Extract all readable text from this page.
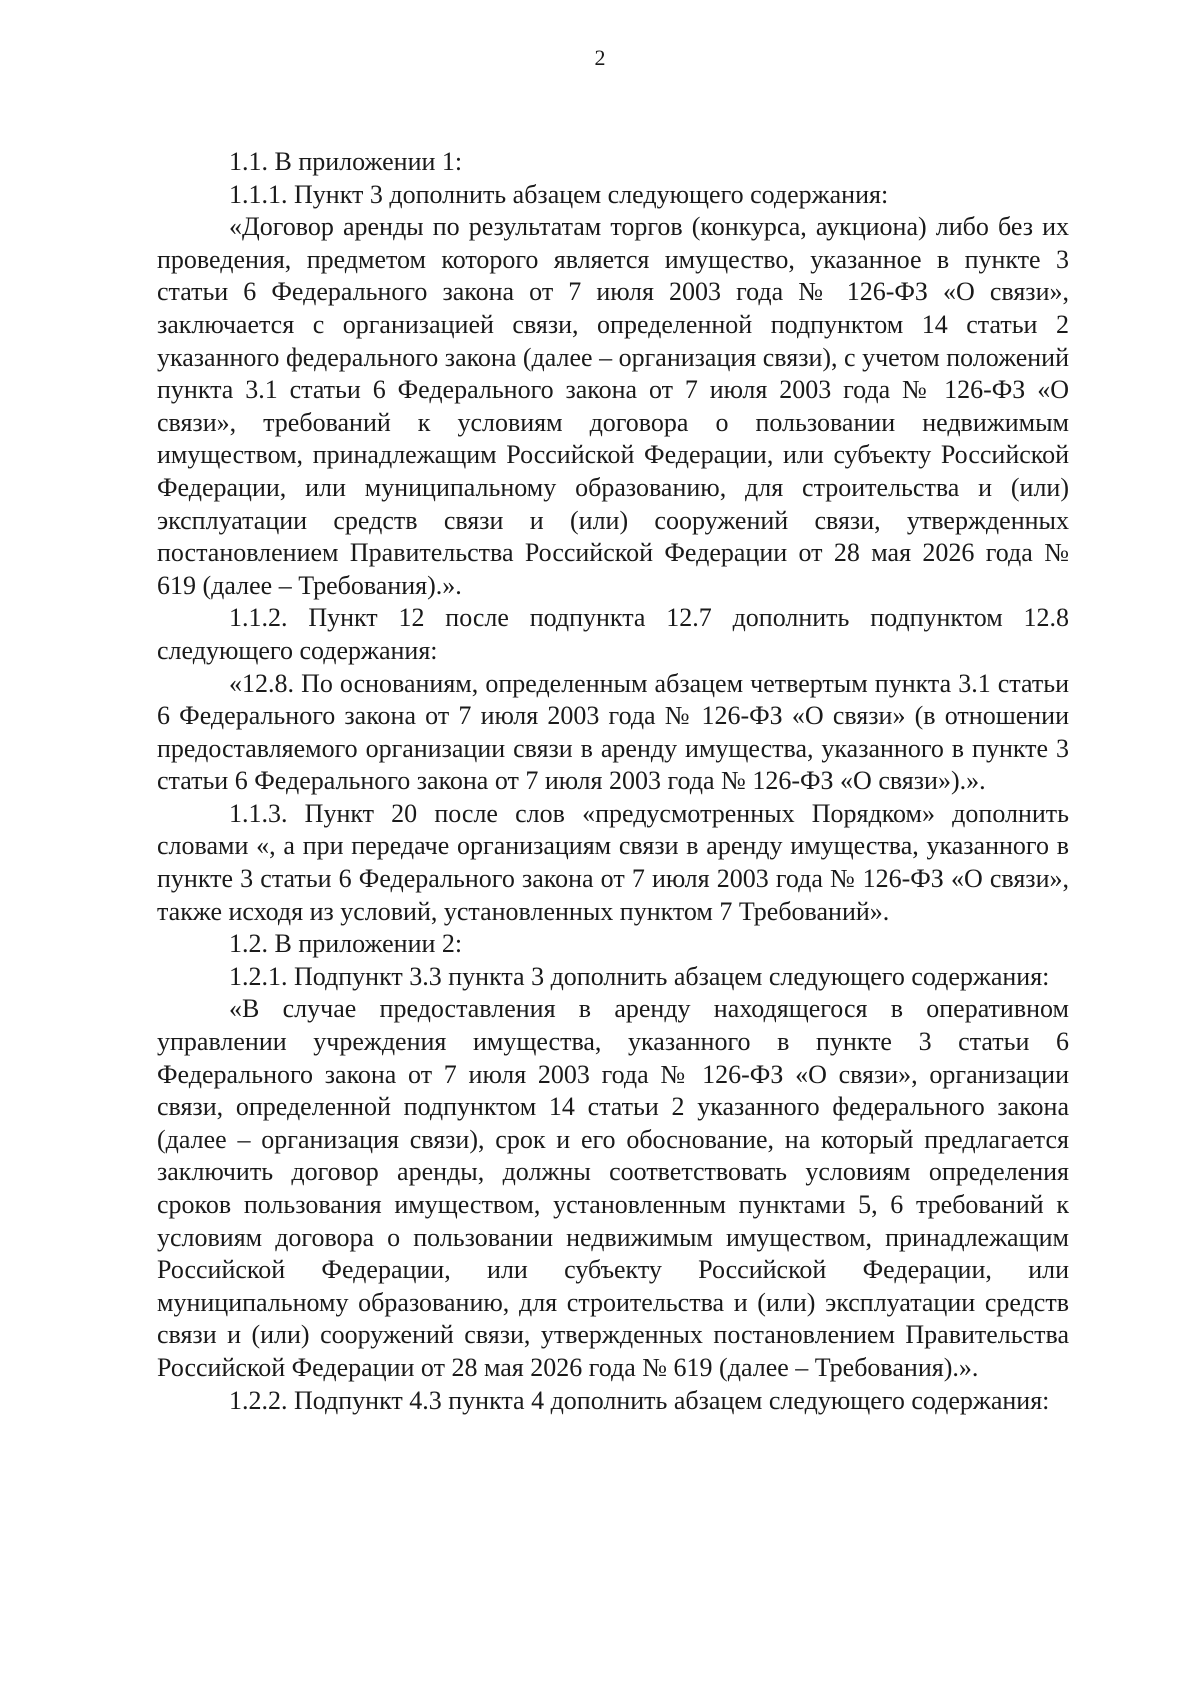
2

1.1. В приложении 1:

1.1.1. Пункт 3 дополнить абзацем следующего содержания:

«Договор аренды по результатам торгов (конкурса, аукциона) либо без их проведения, предметом которого является имущество, указанное в пункте 3 статьи 6 Федерального закона от 7 июля 2003 года № 126-ФЗ «О связи», заключается с организацией связи, определенной подпунктом 14 статьи 2 указанного федерального закона (далее – организация связи), с учетом положений пункта 3.1 статьи 6 Федерального закона от 7 июля 2003 года № 126-ФЗ «О связи», требований к условиям договора о пользовании недвижимым имуществом, принадлежащим Российской Федерации, или субъекту Российской Федерации, или муниципальному образованию, для строительства и (или) эксплуатации средств связи и (или) сооружений связи, утвержденных постановлением Правительства Российской Федерации от 28 мая 2026 года № 619 (далее – Требования).».

1.1.2. Пункт 12 после подпункта 12.7 дополнить подпунктом 12.8 следующего содержания:

«12.8. По основаниям, определенным абзацем четвертым пункта 3.1 статьи 6 Федерального закона от 7 июля 2003 года № 126-ФЗ «О связи» (в отношении предоставляемого организации связи в аренду имущества, указанного в пункте 3 статьи 6 Федерального закона от 7 июля 2003 года № 126-ФЗ «О связи»).».

1.1.3. Пункт 20 после слов «предусмотренных Порядком» дополнить словами «, а при передаче организациям связи в аренду имущества, указанного в пункте 3 статьи 6 Федерального закона от 7 июля 2003 года № 126-ФЗ «О связи», также исходя из условий, установленных пунктом 7 Требований».

1.2. В приложении 2:

1.2.1. Подпункт 3.3 пункта 3 дополнить абзацем следующего содержания:

«В случае предоставления в аренду находящегося в оперативном управлении учреждения имущества, указанного в пункте 3 статьи 6 Федерального закона от 7 июля 2003 года № 126-ФЗ «О связи», организации связи, определенной подпунктом 14 статьи 2 указанного федерального закона (далее – организация связи), срок и его обоснование, на который предлагается заключить договор аренды, должны соответствовать условиям определения сроков пользования имуществом, установленным пунктами 5, 6 требований к условиям договора о пользовании недвижимым имуществом, принадлежащим Российской Федерации, или субъекту Российской Федерации, или муниципальному образованию, для строительства и (или) эксплуатации средств связи и (или) сооружений связи, утвержденных постановлением Правительства Российской Федерации от 28 мая 2026 года № 619 (далее – Требования).».

1.2.2. Подпункт 4.3 пункта 4 дополнить абзацем следующего содержания:
